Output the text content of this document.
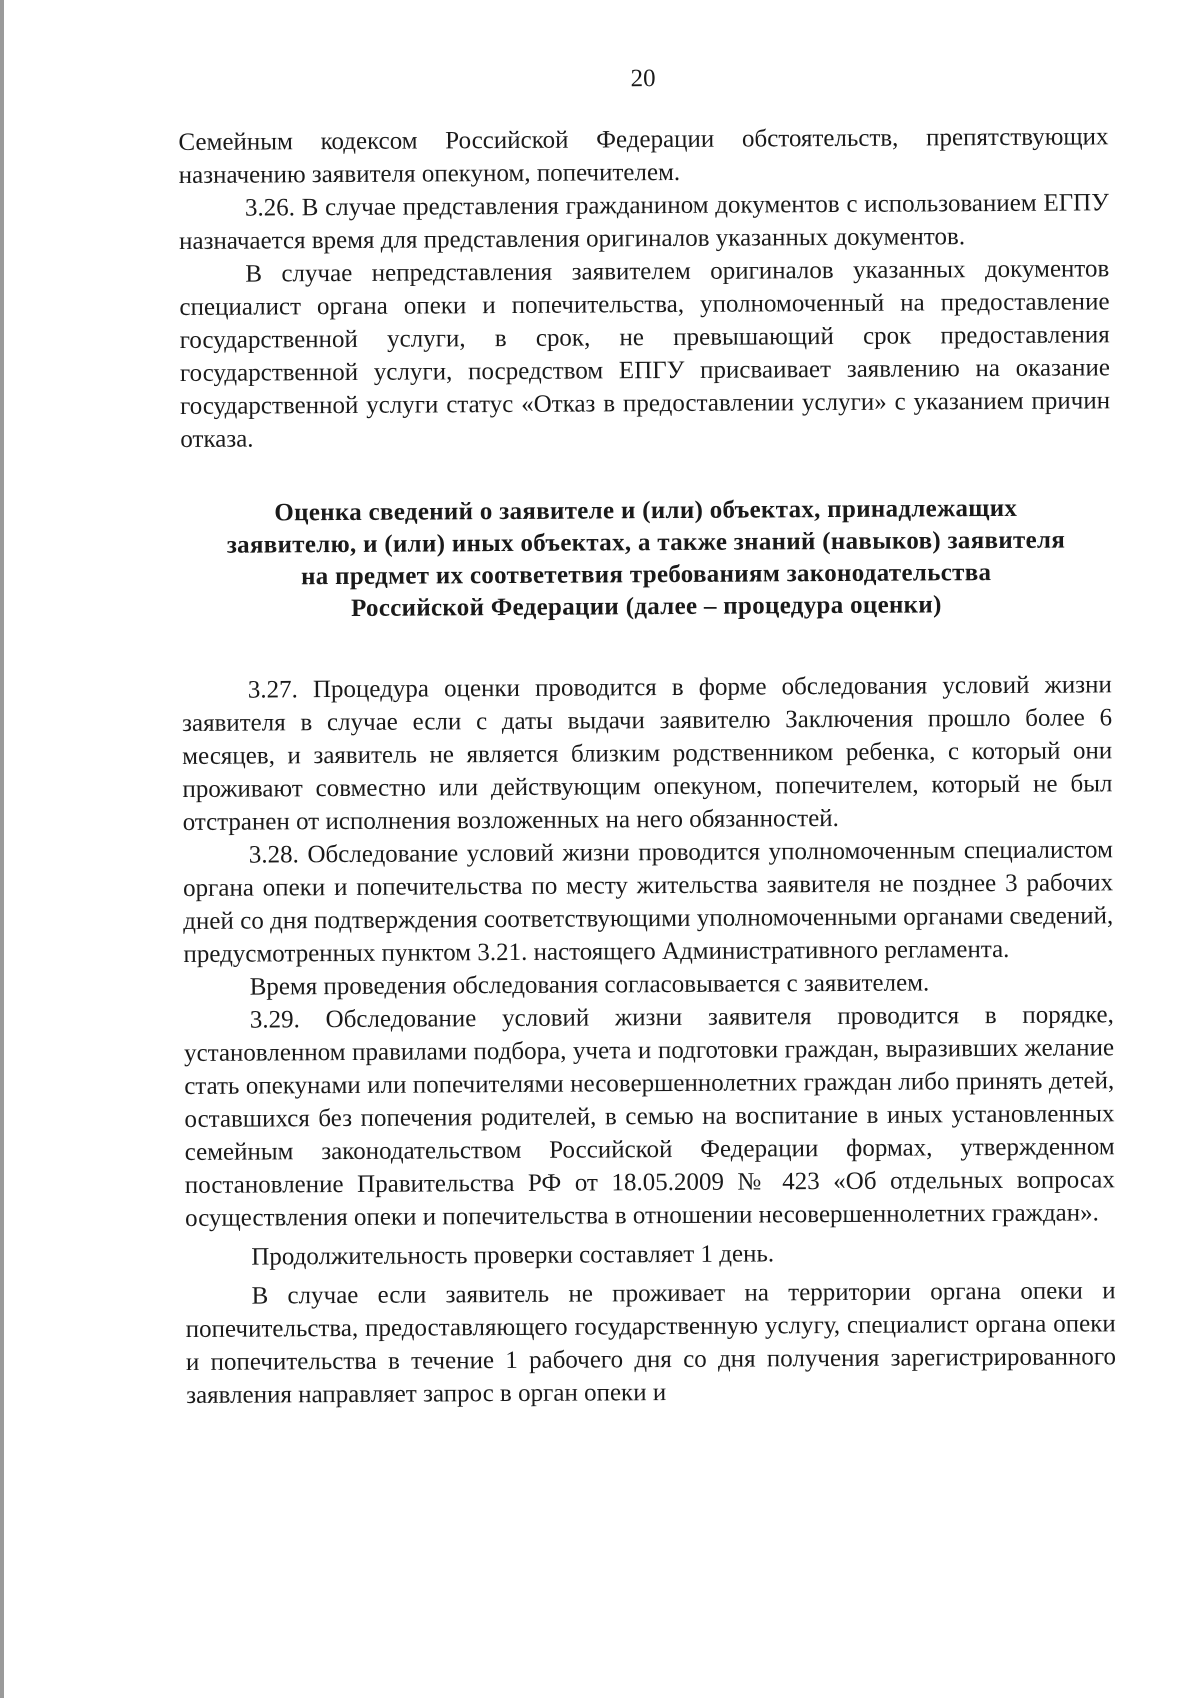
20

Семейным кодексом Российской Федерации обстоятельств, препятствующих назначению заявителя опекуном, попечителем.

3.26. В случае представления гражданином документов с использованием ЕГПУ назначается время для представления оригиналов указанных документов.

В случае непредставления заявителем оригиналов указанных документов специалист органа опеки и попечительства, уполномоченный на предоставление государственной услуги, в срок, не превышающий срок предоставления государственной услуги, посредством ЕПГУ присваивает заявлению на оказание государственной услуги статус «Отказ в предоставлении услуги» с указанием причин отказа.

Оценка сведений о заявителе и (или) объектах, принадлежащих
заявителю, и (или) иных объектах, а также знаний (навыков) заявителя
на предмет их соответетвия требованиям законодательства
Российской Федерации (далее – процедура оценки)

3.27. Процедура оценки проводится в форме обследования условий жизни заявителя в случае если с даты выдачи заявителю Заключения прошло более 6 месяцев, и заявитель не является близким родственником ребенка, с который они проживают совместно или действующим опекуном, попечителем, который не был отстранен от исполнения возложенных на него обязанностей.

3.28. Обследование условий жизни проводится уполномоченным специалистом органа опеки и попечительства по месту жительства заявителя не позднее 3 рабочих дней со дня подтверждения соответствующими уполномоченными органами сведений, предусмотренных пунктом 3.21. настоящего Административного регламента.

Время проведения обследования согласовывается с заявителем.

3.29. Обследование условий жизни заявителя проводится в порядке, установленном правилами подбора, учета и подготовки граждан, выразивших желание стать опекунами или попечителями несовершеннолетних граждан либо принять детей, оставшихся без попечения родителей, в семью на воспитание в иных установленных семейным законодательством Российской Федерации формах, утвержденном постановление Правительства РФ от 18.05.2009 № 423 «Об отдельных вопросах осуществления опеки и попечительства в отношении несовершеннолетних граждан».

Продолжительность проверки составляет 1 день.

В случае если заявитель не проживает на территории органа опеки и попечительства, предоставляющего государственную услугу, специалист органа опеки и попечительства в течение 1 рабочего дня со дня получения зарегистрированного заявления направляет запрос в орган опеки и
